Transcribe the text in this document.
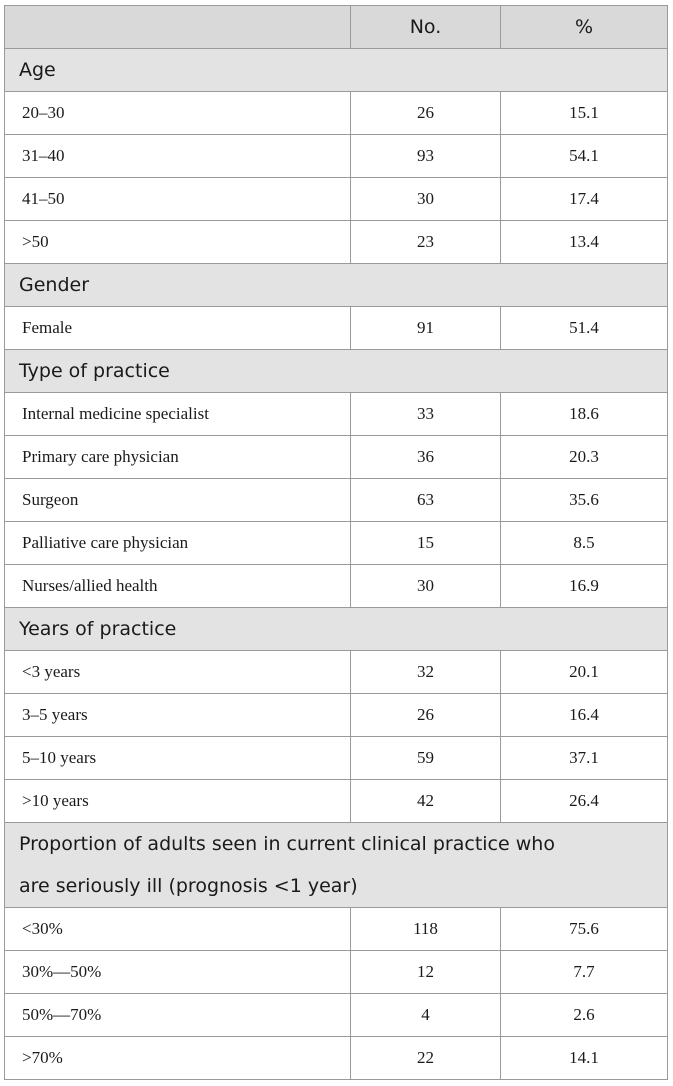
	No.	%
Age		
20–30	26	15.1
31–40	93	54.1
41–50	30	17.4
>50	23	13.4
Gender		
Female	91	51.4
Type of practice		
Internal medicine specialist	33	18.6
Primary care physician	36	20.3
Surgeon	63	35.6
Palliative care physician	15	8.5
Nurses/allied health	30	16.9
Years of practice		
<3 years	32	20.1
3–5 years	26	16.4
5–10 years	59	37.1
>10 years	42	26.4
Proportion of adults seen in current clinical practice who are seriously ill (prognosis <1 year)		
<30%	118	75.6
30%—50%	12	7.7
50%—70%	4	2.6
>70%	22	14.1
